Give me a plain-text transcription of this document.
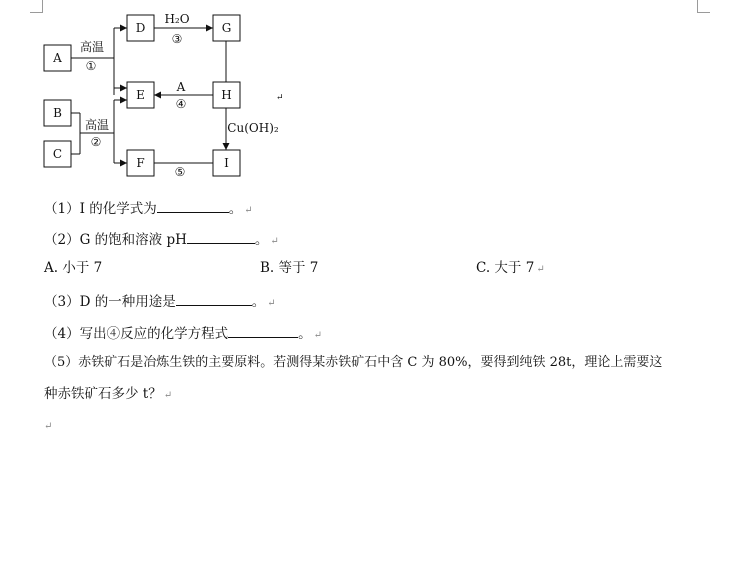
A
B
C
D
E
F
G
H
I
高温
①
高温
②
H₂O
③
A
④
Cu(OH)₂
⑤
↵
（1）I 的化学式为	。 ↵
（2）G 的饱和溶液 pH	。 ↵
A. 小于 7	B. 等于 7	C. 大于 7 ↵
（3）D 的一种用途是	。 ↵
（4）写出④反应的化学方程式	。 ↵
（5）赤铁矿石是冶炼生铁的主要原料。若测得某赤铁矿石中含 C 为 80%，要得到纯铁 28t，理论上需要这
种赤铁矿石多少 t？ ↵
↵
